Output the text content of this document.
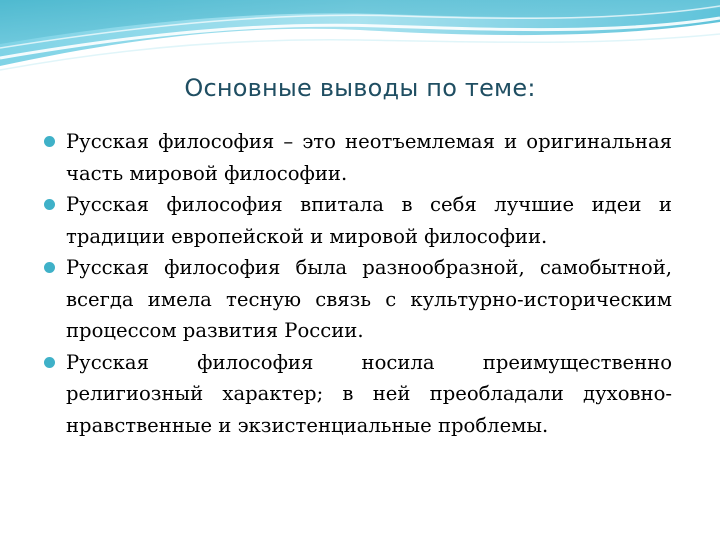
Основные выводы по теме:
Русская философия – это неотъемлемая и оригинальная часть мировой философии.
Русская философия впитала в себя лучшие идеи и традиции европейской и мировой философии.
Русская философия была разнообразной, самобытной, всегда имела тесную связь с культурно-историческим процессом развития России.
Русская философия носила преимущественно религиозный характер; в ней преобладали духовно-нравственные и экзистенциальные проблемы.
